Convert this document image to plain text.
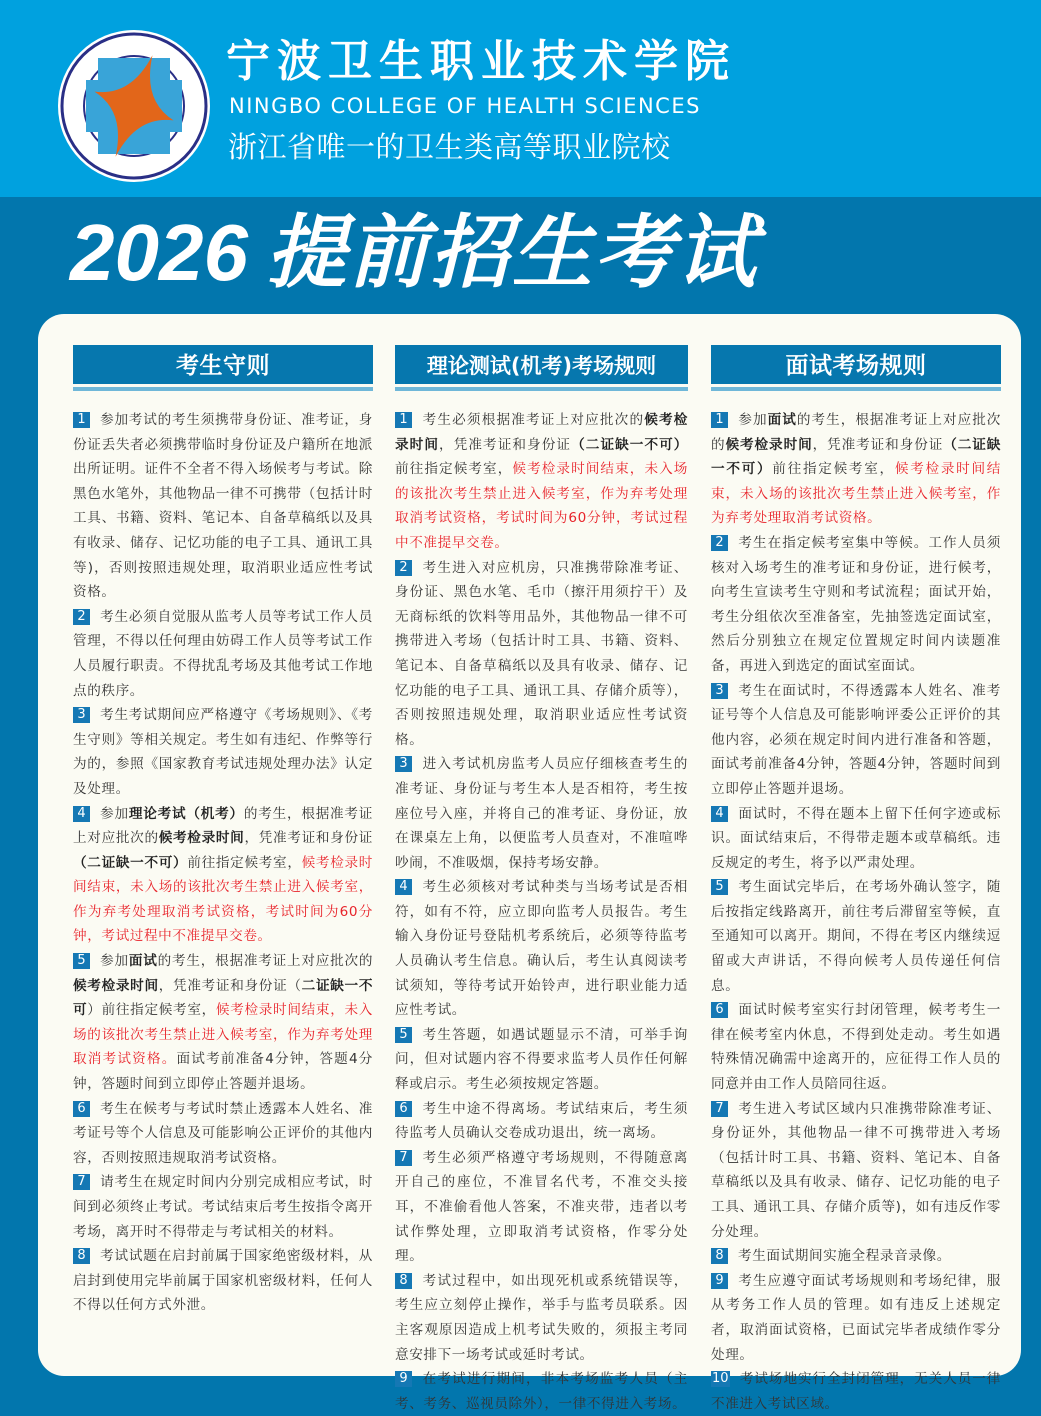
宁波卫生职业技术学院
NINGBO COLLEGE OF HEALTH SCIENCES
浙江省唯一的卫生类高等职业院校
2026 提前招生考试
考生守则
1 参加考试的考生须携带身份证、准考证，身份证丢失者必须携带临时身份证及户籍所在地派出所证明。证件不全者不得入场候考与考试。除黑色水笔外，其他物品一律不可携带（包括计时工具、书籍、资料、笔记本、自备草稿纸以及具有收录、储存、记忆功能的电子工具、通讯工具等)，否则按照违规处理，取消职业适应性考试资格。
2 考生必须自觉服从监考人员等考试工作人员管理，不得以任何理由妨碍工作人员等考试工作人员履行职责。不得扰乱考场及其他考试工作地点的秩序。
3 考生考试期间应严格遵守《考场规则》、《考生守则》等相关规定。考生如有违纪、作弊等行为的，参照《国家教育考试违规处理办法》认定及处理。
4 参加理论考试（机考）的考生，根据准考证上对应批次的候考检录时间，凭准考证和身份证（二证缺一不可）前往指定候考室，候考检录时间结束，未入场的该批次考生禁止进入候考室，作为弃考处理取消考试资格，考试时间为60分钟，考试过程中不准提早交卷。
5 参加面试的考生，根据准考证上对应批次的候考检录时间，凭准考证和身份证（二证缺一不可）前往指定候考室，候考检录时间结束，未入场的该批次考生禁止进入候考室，作为弃考处理取消考试资格。面试考前准备4分钟，答题4分钟，答题时间到立即停止答题并退场。
6 考生在候考与考试时禁止透露本人姓名、准考证号等个人信息及可能影响公正评价的其他内容，否则按照违规取消考试资格。
7 请考生在规定时间内分别完成相应考试，时间到必须终止考试。考试结束后考生按指令离开考场，离开时不得带走与考试相关的材料。
8 考试试题在启封前属于国家绝密级材料，从启封到使用完毕前属于国家机密级材料，任何人不得以任何方式外泄。
理论测试(机考)考场规则
1 考生必须根据准考证上对应批次的候考检录时间，凭准考证和身份证（二证缺一不可）前往指定候考室，候考检录时间结束，未入场的该批次考生禁止进入候考室，作为弃考处理取消考试资格，考试时间为60分钟，考试过程中不准提早交卷。
2 考生进入对应机房，只准携带除准考证、身份证、黑色水笔、毛巾（擦汗用须拧干）及无商标纸的饮料等用品外，其他物品一律不可携带进入考场（包括计时工具、书籍、资料、笔记本、自备草稿纸以及具有收录、储存、记忆功能的电子工具、通讯工具、存储介质等），否则按照违规处理，取消职业适应性考试资格。
3 进入考试机房监考人员应仔细核查考生的准考证、身份证与考生本人是否相符，考生按座位号入座，并将自己的准考证、身份证，放在课桌左上角，以便监考人员查对，不准喧哗吵闹，不准吸烟，保持考场安静。
4 考生必须核对考试种类与当场考试是否相符，如有不符，应立即向监考人员报告。考生输入身份证号登陆机考系统后，必须等待监考人员确认考生信息。确认后，考生认真阅读考试须知，等待考试开始铃声，进行职业能力适应性考试。
5 考生答题，如遇试题显示不清，可举手询问，但对试题内容不得要求监考人员作任何解释或启示。考生必须按规定答题。
6 考生中途不得离场。考试结束后，考生须待监考人员确认交卷成功退出，统一离场。
7 考生必须严格遵守考场规则，不得随意离开自己的座位，不准冒名代考，不准交头接耳，不准偷看他人答案，不准夹带，违者以考试作弊处理，立即取消考试资格，作零分处理。
8 考试过程中，如出现死机或系统错误等，考生应立刻停止操作，举手与监考员联系。因主客观原因造成上机考试失败的，须报主考同意安排下一场考试或延时考试。
9 在考试进行期间，非本考场监考人员（主考、考务、巡视员除外），一律不得进入考场。
面试考场规则
1 参加面试的考生，根据准考证上对应批次的候考检录时间，凭准考证和身份证（二证缺一不可）前往指定候考室，候考检录时间结束，未入场的该批次考生禁止进入候考室，作为弃考处理取消考试资格。
2 考生在指定候考室集中等候。工作人员须核对入场考生的准考证和身份证，进行候考，向考生宣读考生守则和考试流程；面试开始，考生分组依次至准备室，先抽签选定面试室，然后分别独立在规定位置规定时间内读题准备，再进入到选定的面试室面试。
3 考生在面试时，不得透露本人姓名、准考证号等个人信息及可能影响评委公正评价的其他内容，必须在规定时间内进行准备和答题，面试考前准备4分钟，答题4分钟，答题时间到立即停止答题并退场。
4 面试时，不得在题本上留下任何字迹或标识。面试结束后，不得带走题本或草稿纸。违反规定的考生，将予以严肃处理。
5 考生面试完毕后，在考场外确认签字，随后按指定线路离开，前往考后滞留室等候，直至通知可以离开。期间，不得在考区内继续逗留或大声讲话，不得向候考人员传递任何信息。
6 面试时候考室实行封闭管理，候考考生一律在候考室内休息，不得到处走动。考生如遇特殊情况确需中途离开的，应征得工作人员的同意并由工作人员陪同往返。
7 考生进入考试区域内只准携带除准考证、身份证外，其他物品一律不可携带进入考场（包括计时工具、书籍、资料、笔记本、自备草稿纸以及具有收录、储存、记忆功能的电子工具、通讯工具、存储介质等)，如有违反作零分处理。
8 考生面试期间实施全程录音录像。
9 考生应遵守面试考场规则和考场纪律，服从考务工作人员的管理。如有违反上述规定者，取消面试资格，已面试完毕者成绩作零分处理。
10 考试场地实行全封闭管理，无关人员一律不准进入考试区域。
